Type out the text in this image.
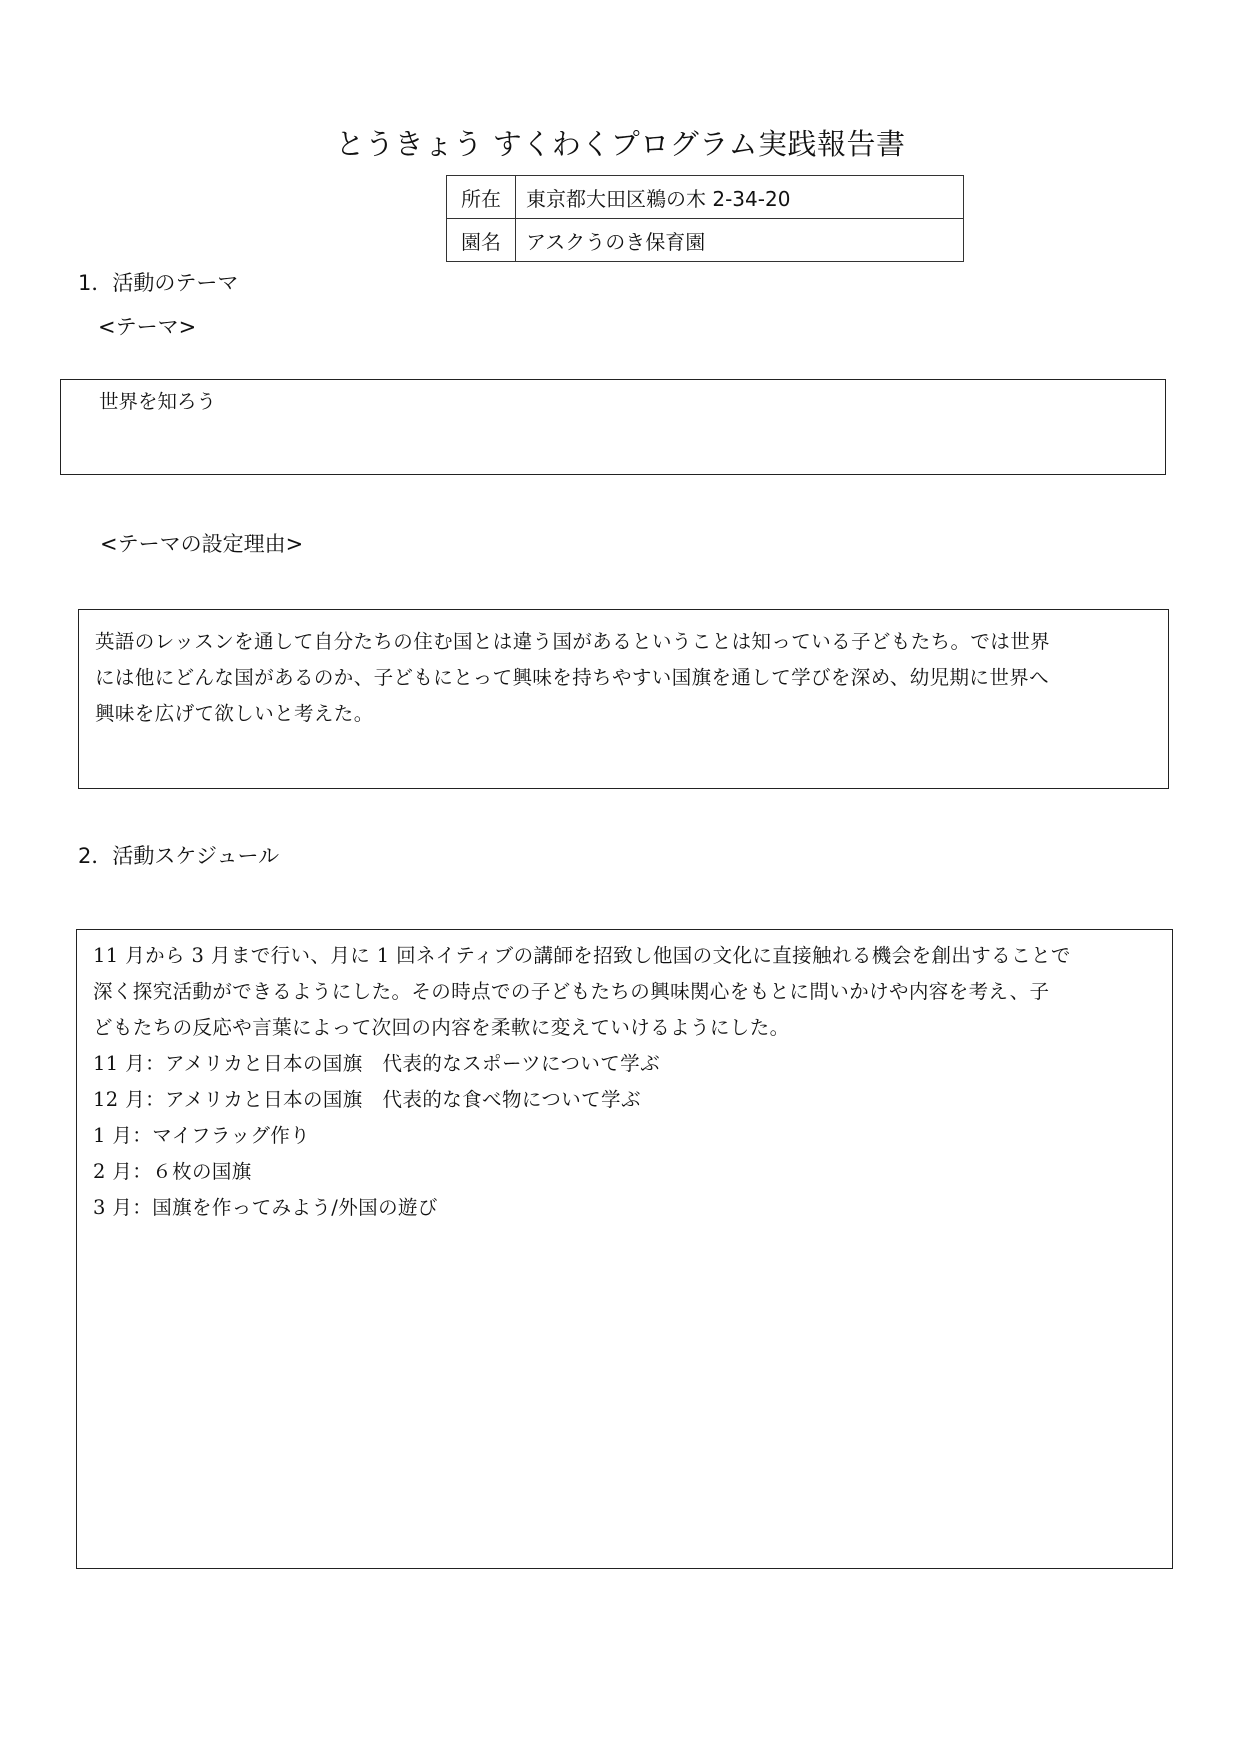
とうきょう すくわくプログラム実践報告書
所在	東京都大田区鵜の木 2-34-20
園名	アスクうのき保育園
1．活動のテーマ
<テーマ>

世界を知ろう

<テーマの設定理由>

英語のレッスンを通して自分たちの住む国とは違う国があるということは知っている子どもたち。では世界

には他にどんな国があるのか、子どもにとって興味を持ちやすい国旗を通して学びを深め、幼児期に世界へ

興味を広げて欲しいと考えた。

2．活動スケジュール

11 月から 3 月まで行い、月に 1 回ネイティブの講師を招致し他国の文化に直接触れる機会を創出することで

深く探究活動ができるようにした。その時点での子どもたちの興味関心をもとに問いかけや内容を考え、子

どもたちの反応や言葉によって次回の内容を柔軟に変えていけるようにした。

11 月：アメリカと日本の国旗　代表的なスポーツについて学ぶ

12 月：アメリカと日本の国旗　代表的な食べ物について学ぶ

1 月：マイフラッグ作り

2 月：６枚の国旗

3 月：国旗を作ってみよう/外国の遊び
